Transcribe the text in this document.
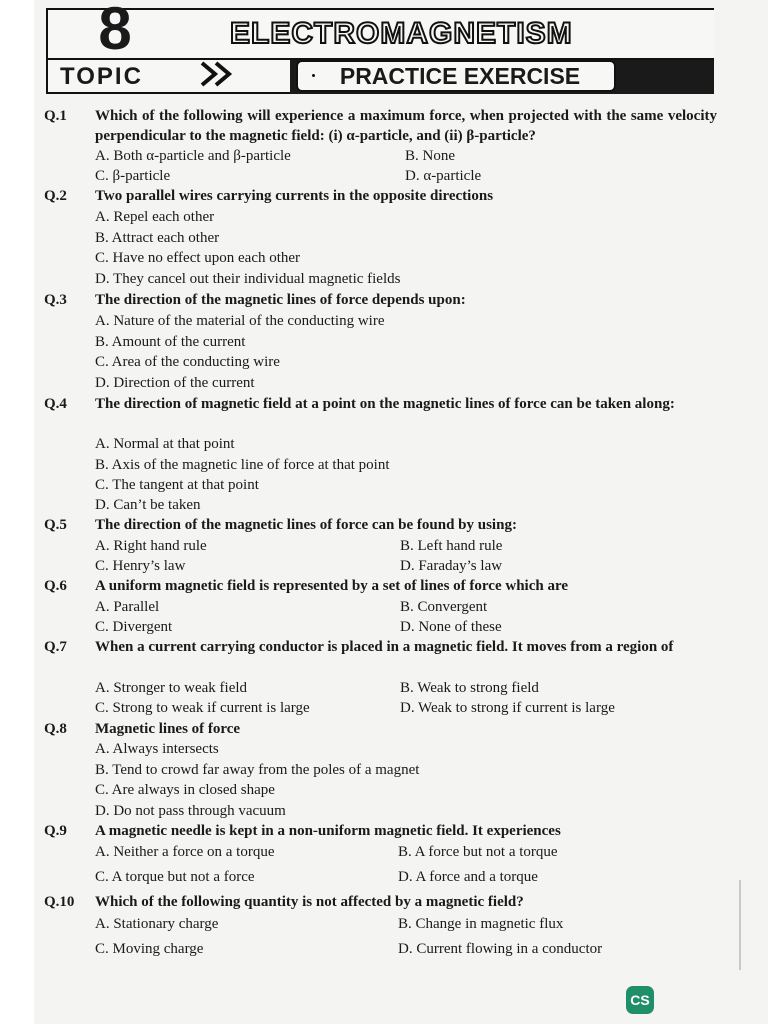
8
TOPIC
ELECTROMAGNETISM
PRACTICE EXERCISE
Q.1 Which of the following will experience a maximum force, when projected with the same velocity perpendicular to the magnetic field: (i) α-particle, and (ii) β-particle?
A. Both α-particle and β-particle	B. None
C. β-particle	D. α-particle
Q.2 Two parallel wires carrying currents in the opposite directions
A. Repel each other
B. Attract each other
C. Have no effect upon each other
D. They cancel out their individual magnetic fields
Q.3 The direction of the magnetic lines of force depends upon:
A. Nature of the material of the conducting wire
B. Amount of the current
C. Area of the conducting wire
D. Direction of the current
Q.4 The direction of magnetic field at a point on the magnetic lines of force can be taken along:
A. Normal at that point
B. Axis of the magnetic line of force at that point
C. The tangent at that point
D. Can’t be taken
Q.5 The direction of the magnetic lines of force can be found by using:
A. Right hand rule	B. Left hand rule
C. Henry’s law	D. Faraday’s law
Q.6 A uniform magnetic field is represented by a set of lines of force which are
A. Parallel	B. Convergent
C. Divergent	D. None of these
Q.7 When a current carrying conductor is placed in a magnetic field. It moves from a region of
A. Stronger to weak field	B. Weak to strong field
C. Strong to weak if current is large	D. Weak to strong if current is large
Q.8 Magnetic lines of force
A. Always intersects
B. Tend to crowd far away from the poles of a magnet
C. Are always in closed shape
D. Do not pass through vacuum
Q.9 A magnetic needle is kept in a non-uniform magnetic field. It experiences
A. Neither a force on a torque	B. A force but not a torque
C. A torque but not a force	D. A force and a torque
Q.10 Which of the following quantity is not affected by a magnetic field?
A. Stationary charge	B. Change in magnetic flux
C. Moving charge	D. Current flowing in a conductor
CS
